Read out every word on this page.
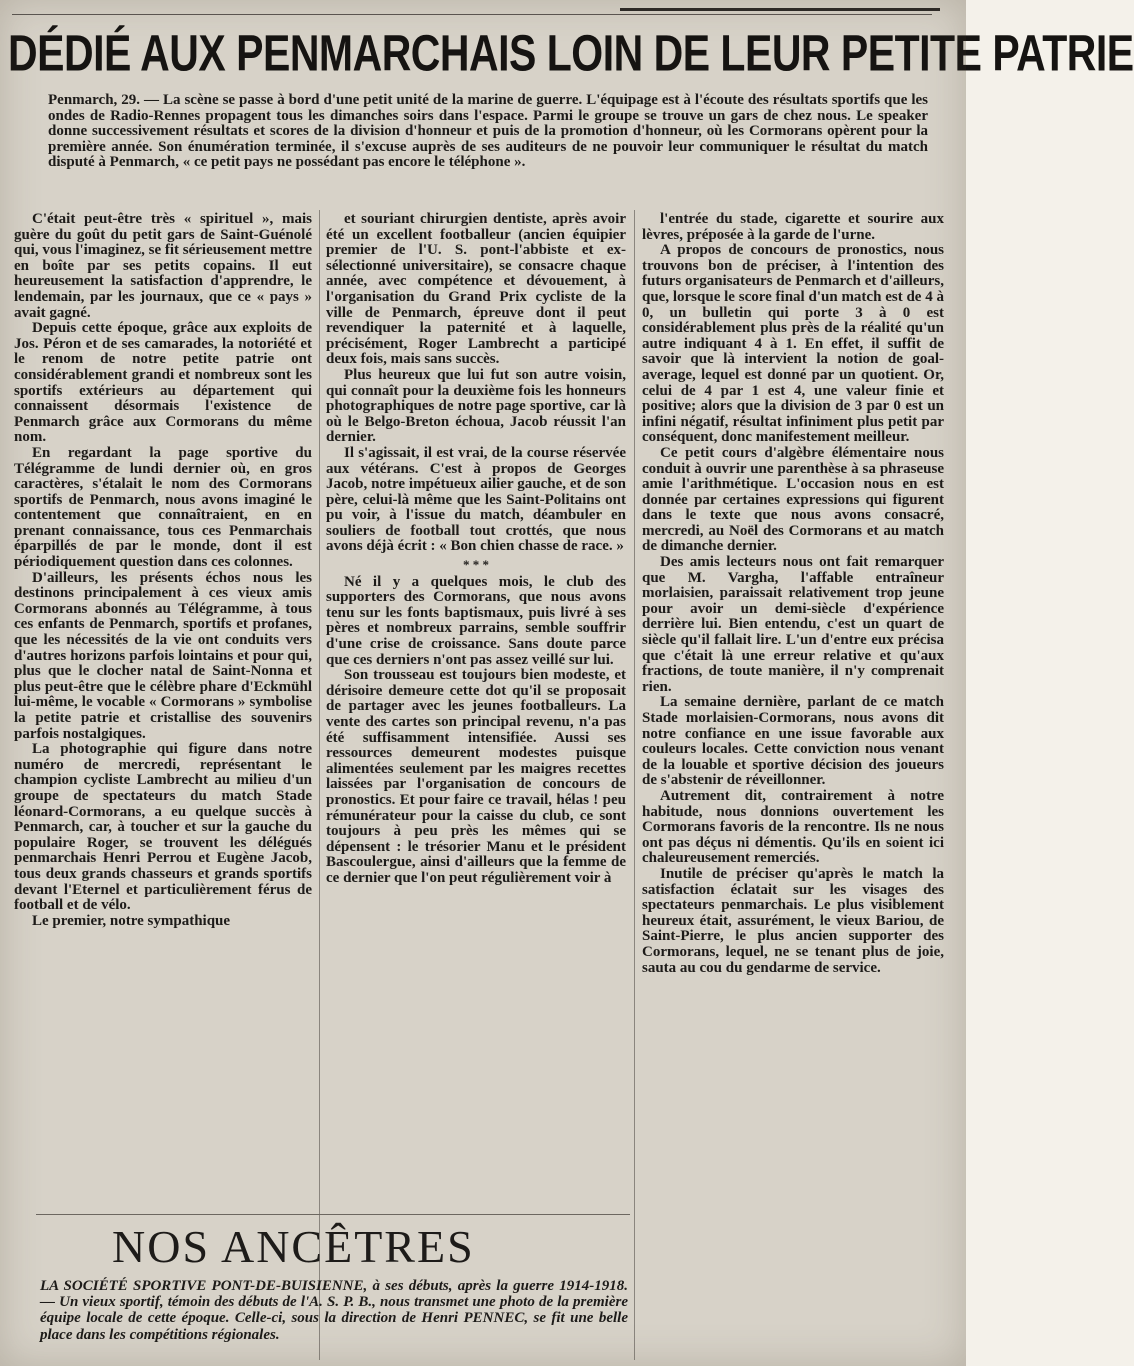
DÉDIÉ AUX PENMARCHAIS LOIN DE LEUR PETITE PATRIE
Penmarch, 29. — La scène se passe à bord d'une petit unité de la marine de guerre. L'équipage est à l'écoute des résultats sportifs que les ondes de Radio-Rennes propagent tous les dimanches soirs dans l'espace. Parmi le groupe se trouve un gars de chez nous. Le speaker donne successivement résultats et scores de la division d'honneur et puis de la promotion d'honneur, où les Cormorans opèrent pour la première année. Son énumération terminée, il s'excuse auprès de ses auditeurs de ne pouvoir leur communiquer le résultat du match disputé à Penmarch, « ce petit pays ne possédant pas encore le téléphone ».

C'était peut-être très « spirituel », mais guère du goût du petit gars de Saint-Guénolé qui, vous l'imaginez, se fit sérieusement mettre en boîte par ses petits copains. Il eut heureusement la satisfaction d'apprendre, le lendemain, par les journaux, que ce « pays » avait gagné.

Depuis cette époque, grâce aux exploits de Jos. Péron et de ses camarades, la notoriété et le renom de notre petite patrie ont considérablement grandi et nombreux sont les sportifs extérieurs au département qui connaissent désormais l'existence de Penmarch grâce aux Cormorans du même nom.

En regardant la page sportive du Télégramme de lundi dernier où, en gros caractères, s'étalait le nom des Cormorans sportifs de Penmarch, nous avons imaginé le contentement que connaîtraient, en en prenant connaissance, tous ces Penmarchais éparpillés de par le monde, dont il est périodiquement question dans ces colonnes.

D'ailleurs, les présents échos nous les destinons principalement à ces vieux amis Cormorans abonnés au Télégramme, à tous ces enfants de Penmarch, sportifs et profanes, que les nécessités de la vie ont conduits vers d'autres horizons parfois lointains et pour qui, plus que le clocher natal de Saint-Nonna et plus peut-être que le célèbre phare d'Eckmühl lui-même, le vocable « Cormorans » symbolise la petite patrie et cristallise des souvenirs parfois nostalgiques.

La photographie qui figure dans notre numéro de mercredi, représentant le champion cycliste Lambrecht au milieu d'un groupe de spectateurs du match Stade léonard-Cormorans, a eu quelque succès à Penmarch, car, à toucher et sur la gauche du populaire Roger, se trouvent les délégués penmarchais Henri Perrou et Eugène Jacob, tous deux grands chasseurs et grands sportifs devant l'Eternel et particulièrement férus de football et de vélo.

Le premier, notre sympathique

et souriant chirurgien dentiste, après avoir été un excellent footballeur (ancien équipier premier de l'U. S. pont-l'abbiste et ex-sélectionné universitaire), se consacre chaque année, avec compétence et dévouement, à l'organisation du Grand Prix cycliste de la ville de Penmarch, épreuve dont il peut revendiquer la paternité et à laquelle, précisément, Roger Lambrecht a participé deux fois, mais sans succès.

Plus heureux que lui fut son autre voisin, qui connaît pour la deuxième fois les honneurs photographiques de notre page sportive, car là où le Belgo-Breton échoua, Jacob réussit l'an dernier.

Il s'agissait, il est vrai, de la course réservée aux vétérans. C'est à propos de Georges Jacob, notre impétueux ailier gauche, et de son père, celui-là même que les Saint-Politains ont pu voir, à l'issue du match, déambuler en souliers de football tout crottés, que nous avons déjà écrit : « Bon chien chasse de race. »

* * *

Né il y a quelques mois, le club des supporters des Cormorans, que nous avons tenu sur les fonts baptismaux, puis livré à ses pères et nombreux parrains, semble souffrir d'une crise de croissance. Sans doute parce que ces derniers n'ont pas assez veillé sur lui.

Son trousseau est toujours bien modeste, et dérisoire demeure cette dot qu'il se proposait de partager avec les jeunes footballeurs. La vente des cartes son principal revenu, n'a pas été suffisamment intensifiée. Aussi ses ressources demeurent modestes puisque alimentées seulement par les maigres recettes laissées par l'organisation de concours de pronostics. Et pour faire ce travail, hélas ! peu rémunérateur pour la caisse du club, ce sont toujours à peu près les mêmes qui se dépensent : le trésorier Manu et le président Bascoulergue, ainsi d'ailleurs que la femme de ce dernier que l'on peut régulièrement voir à

l'entrée du stade, cigarette et sourire aux lèvres, préposée à la garde de l'urne.

A propos de concours de pronostics, nous trouvons bon de préciser, à l'intention des futurs organisateurs de Penmarch et d'ailleurs, que, lorsque le score final d'un match est de 4 à 0, un bulletin qui porte 3 à 0 est considérablement plus près de la réalité qu'un autre indiquant 4 à 1. En effet, il suffit de savoir que là intervient la notion de goal-average, lequel est donné par un quotient. Or, celui de 4 par 1 est 4, une valeur finie et positive; alors que la division de 3 par 0 est un infini négatif, résultat infiniment plus petit par conséquent, donc manifestement meilleur.

Ce petit cours d'algèbre élémentaire nous conduit à ouvrir une parenthèse à sa phraseuse amie l'arithmétique. L'occasion nous en est donnée par certaines expressions qui figurent dans le texte que nous avons consacré, mercredi, au Noël des Cormorans et au match de dimanche dernier.

Des amis lecteurs nous ont fait remarquer que M. Vargha, l'affable entraîneur morlaisien, paraissait relativement trop jeune pour avoir un demi-siècle d'expérience derrière lui. Bien entendu, c'est un quart de siècle qu'il fallait lire. L'un d'entre eux précisa que c'était là une erreur relative et qu'aux fractions, de toute manière, il n'y comprenait rien.

La semaine dernière, parlant de ce match Stade morlaisien-Cormorans, nous avons dit notre confiance en une issue favorable aux couleurs locales. Cette conviction nous venant de la louable et sportive décision des joueurs de s'abstenir de réveillonner.

Autrement dit, contrairement à notre habitude, nous donnions ouvertement les Cormorans favoris de la rencontre. Ils ne nous ont pas déçus ni démentis. Qu'ils en soient ici chaleureusement remerciés.

Inutile de préciser qu'après le match la satisfaction éclatait sur les visages des spectateurs penmarchais. Le plus visiblement heureux était, assurément, le vieux Bariou, de Saint-Pierre, le plus ancien supporter des Cormorans, lequel, ne se tenant plus de joie, sauta au cou du gendarme de service.

NOS ANCÊTRES
LA SOCIÉTÉ SPORTIVE PONT-DE-BUISIENNE, à ses débuts, après la guerre 1914-1918. — Un vieux sportif, témoin des débuts de l'A. S. P. B., nous transmet une photo de la première équipe locale de cette époque. Celle-ci, sous la direction de Henri PENNEC, se fit une belle place dans les compétitions régionales.
